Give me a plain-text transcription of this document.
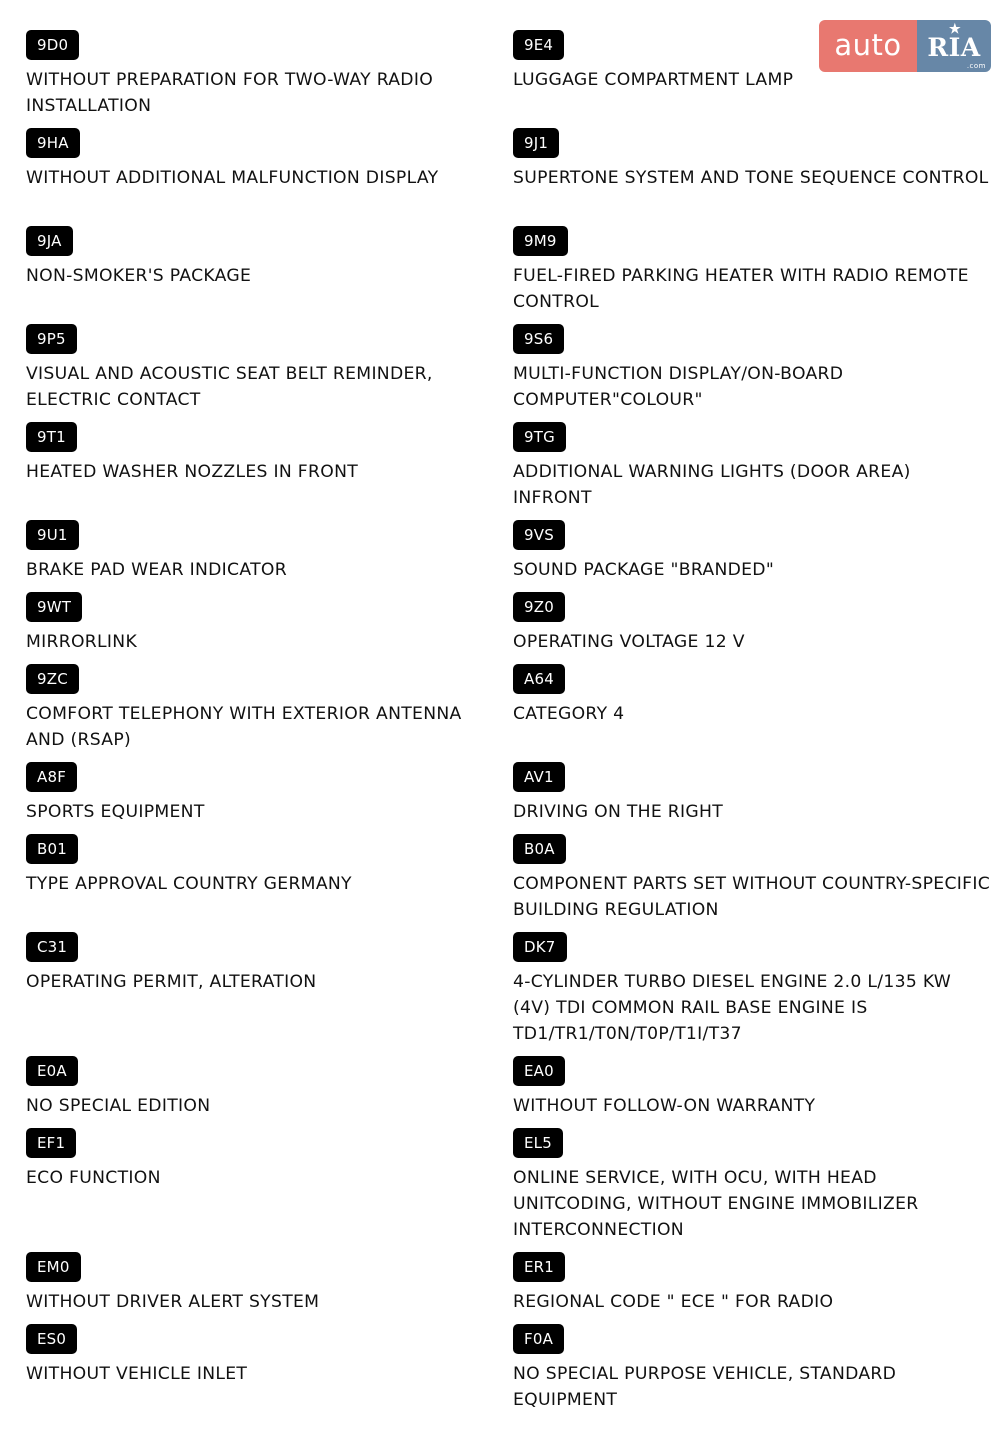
9D0
WITHOUT PREPARATION FOR TWO-WAY RADIO INSTALLATION
9E4
LUGGAGE COMPARTMENT LAMP
9HA
WITHOUT ADDITIONAL MALFUNCTION DISPLAY
9J1
SUPERTONE SYSTEM AND TONE SEQUENCE CONTROL
9JA
NON-SMOKER'S PACKAGE
9M9
FUEL-FIRED PARKING HEATER WITH RADIO REMOTE CONTROL
9P5
VISUAL AND ACOUSTIC SEAT BELT REMINDER, ELECTRIC CONTACT
9S6
MULTI-FUNCTION DISPLAY/ON-BOARD COMPUTER"COLOUR"
9T1
HEATED WASHER NOZZLES IN FRONT
9TG
ADDITIONAL WARNING LIGHTS (DOOR AREA) INFRONT
9U1
BRAKE PAD WEAR INDICATOR
9VS
SOUND PACKAGE "BRANDED"
9WT
MIRRORLINK
9Z0
OPERATING VOLTAGE 12 V
9ZC
COMFORT TELEPHONY WITH EXTERIOR ANTENNA AND (RSAP)
A64
CATEGORY 4
A8F
SPORTS EQUIPMENT
AV1
DRIVING ON THE RIGHT
B01
TYPE APPROVAL COUNTRY GERMANY
B0A
COMPONENT PARTS SET WITHOUT COUNTRY-SPECIFIC BUILDING REGULATION
C31
OPERATING PERMIT, ALTERATION
DK7
4-CYLINDER TURBO DIESEL ENGINE 2.0 L/135 KW (4V) TDI COMMON RAIL BASE ENGINE IS TD1/TR1/T0N/T0P/T1I/T37
E0A
NO SPECIAL EDITION
EA0
WITHOUT FOLLOW-ON WARRANTY
EF1
ECO FUNCTION
EL5
ONLINE SERVICE, WITH OCU, WITH HEAD UNITCODING, WITHOUT ENGINE IMMOBILIZER INTERCONNECTION
EM0
WITHOUT DRIVER ALERT SYSTEM
ER1
REGIONAL CODE " ECE " FOR RADIO
ES0
WITHOUT VEHICLE INLET
F0A
NO SPECIAL PURPOSE VEHICLE, STANDARD EQUIPMENT
auto	★
RIA
.com
